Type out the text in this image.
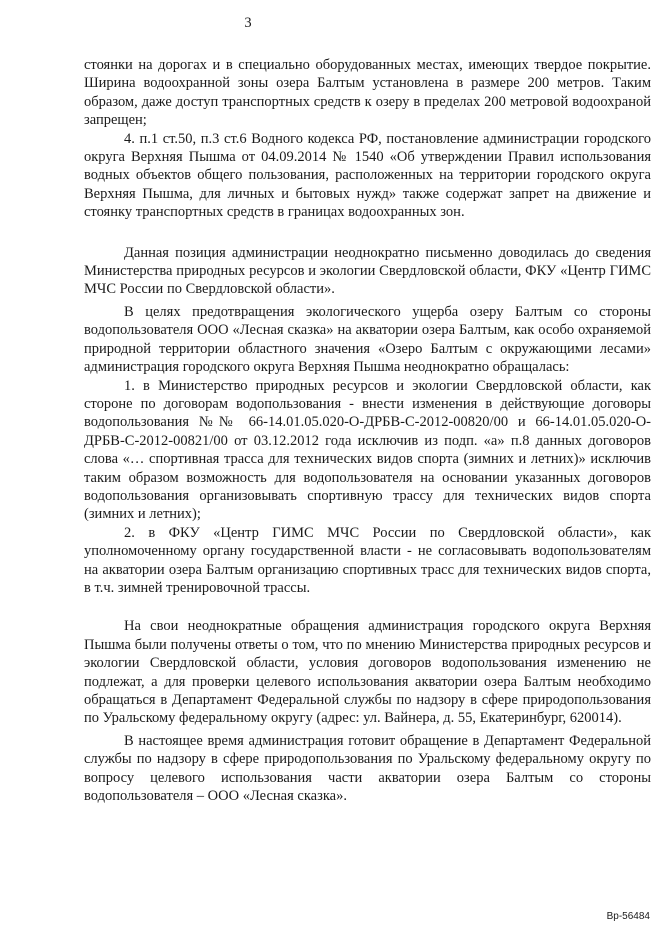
3

стоянки на дорогах и в специально оборудованных местах, имеющих твердое покрытие. Ширина водоохранной зоны озера Балтым установлена в размере 200 метров. Таким образом, даже доступ транспортных средств к озеру в пределах 200 метровой водоохраной запрещен;

4. п.1 ст.50, п.3 ст.6 Водного кодекса РФ, постановление администрации городского округа Верхняя Пышма от 04.09.2014 № 1540 «Об утверждении Правил использования водных объектов общего пользования, расположенных на территории городского округа Верхняя Пышма, для личных и бытовых нужд» также содержат запрет на движение и стоянку транспортных средств в границах водоохранных зон.

Данная позиция администрации неоднократно письменно доводилась до сведения Министерства природных ресурсов и экологии Свердловской области, ФКУ «Центр ГИМС МЧС России по Свердловской области».

В целях предотвращения экологического ущерба озеру Балтым со стороны водопользователя ООО «Лесная сказка» на акватории озера Балтым, как особо охраняемой природной территории областного значения «Озеро Балтым с окружающими лесами» администрация городского округа Верхняя Пышма неоднократно обращалась:

1. в Министерство природных ресурсов и экологии Свердловской области, как стороне по договорам водопользования - внести изменения в действующие договоры водопользования №№ 66-14.01.05.020-О-ДРБВ-С-2012-00820/00 и 66-14.01.05.020-О-ДРБВ-С-2012-00821/00 от 03.12.2012 года исключив из подп. «а» п.8 данных договоров слова «… спортивная трасса для технических видов спорта (зимних и летних)» исключив таким образом возможность для водопользователя на основании указанных договоров водопользования организовывать спортивную трассу для технических видов спорта (зимних и летних);

2. в ФКУ «Центр ГИМС МЧС России по Свердловской области», как уполномоченному органу государственной власти - не согласовывать водопользователям на акватории озера Балтым организацию спортивных трасс для технических видов спорта, в т.ч. зимней тренировочной трассы.

На свои неоднократные обращения администрация городского округа Верхняя Пышма были получены ответы о том, что по мнению Министерства природных ресурсов и экологии Свердловской области, условия договоров водопользования изменению не подлежат, а для проверки целевого использования акватории озера Балтым необходимо обращаться в Департамент Федеральной службы по надзору в сфере природопользования по Уральскому федеральному округу (адрес: ул. Вайнера, д. 55, Екатеринбург, 620014).

В настоящее время администрация готовит обращение в Департамент Федеральной службы по надзору в сфере природопользования по Уральскому федеральному округу по вопросу целевого использования части акватории озера Балтым со стороны водопользователя – ООО «Лесная сказка».

Вр-56484
